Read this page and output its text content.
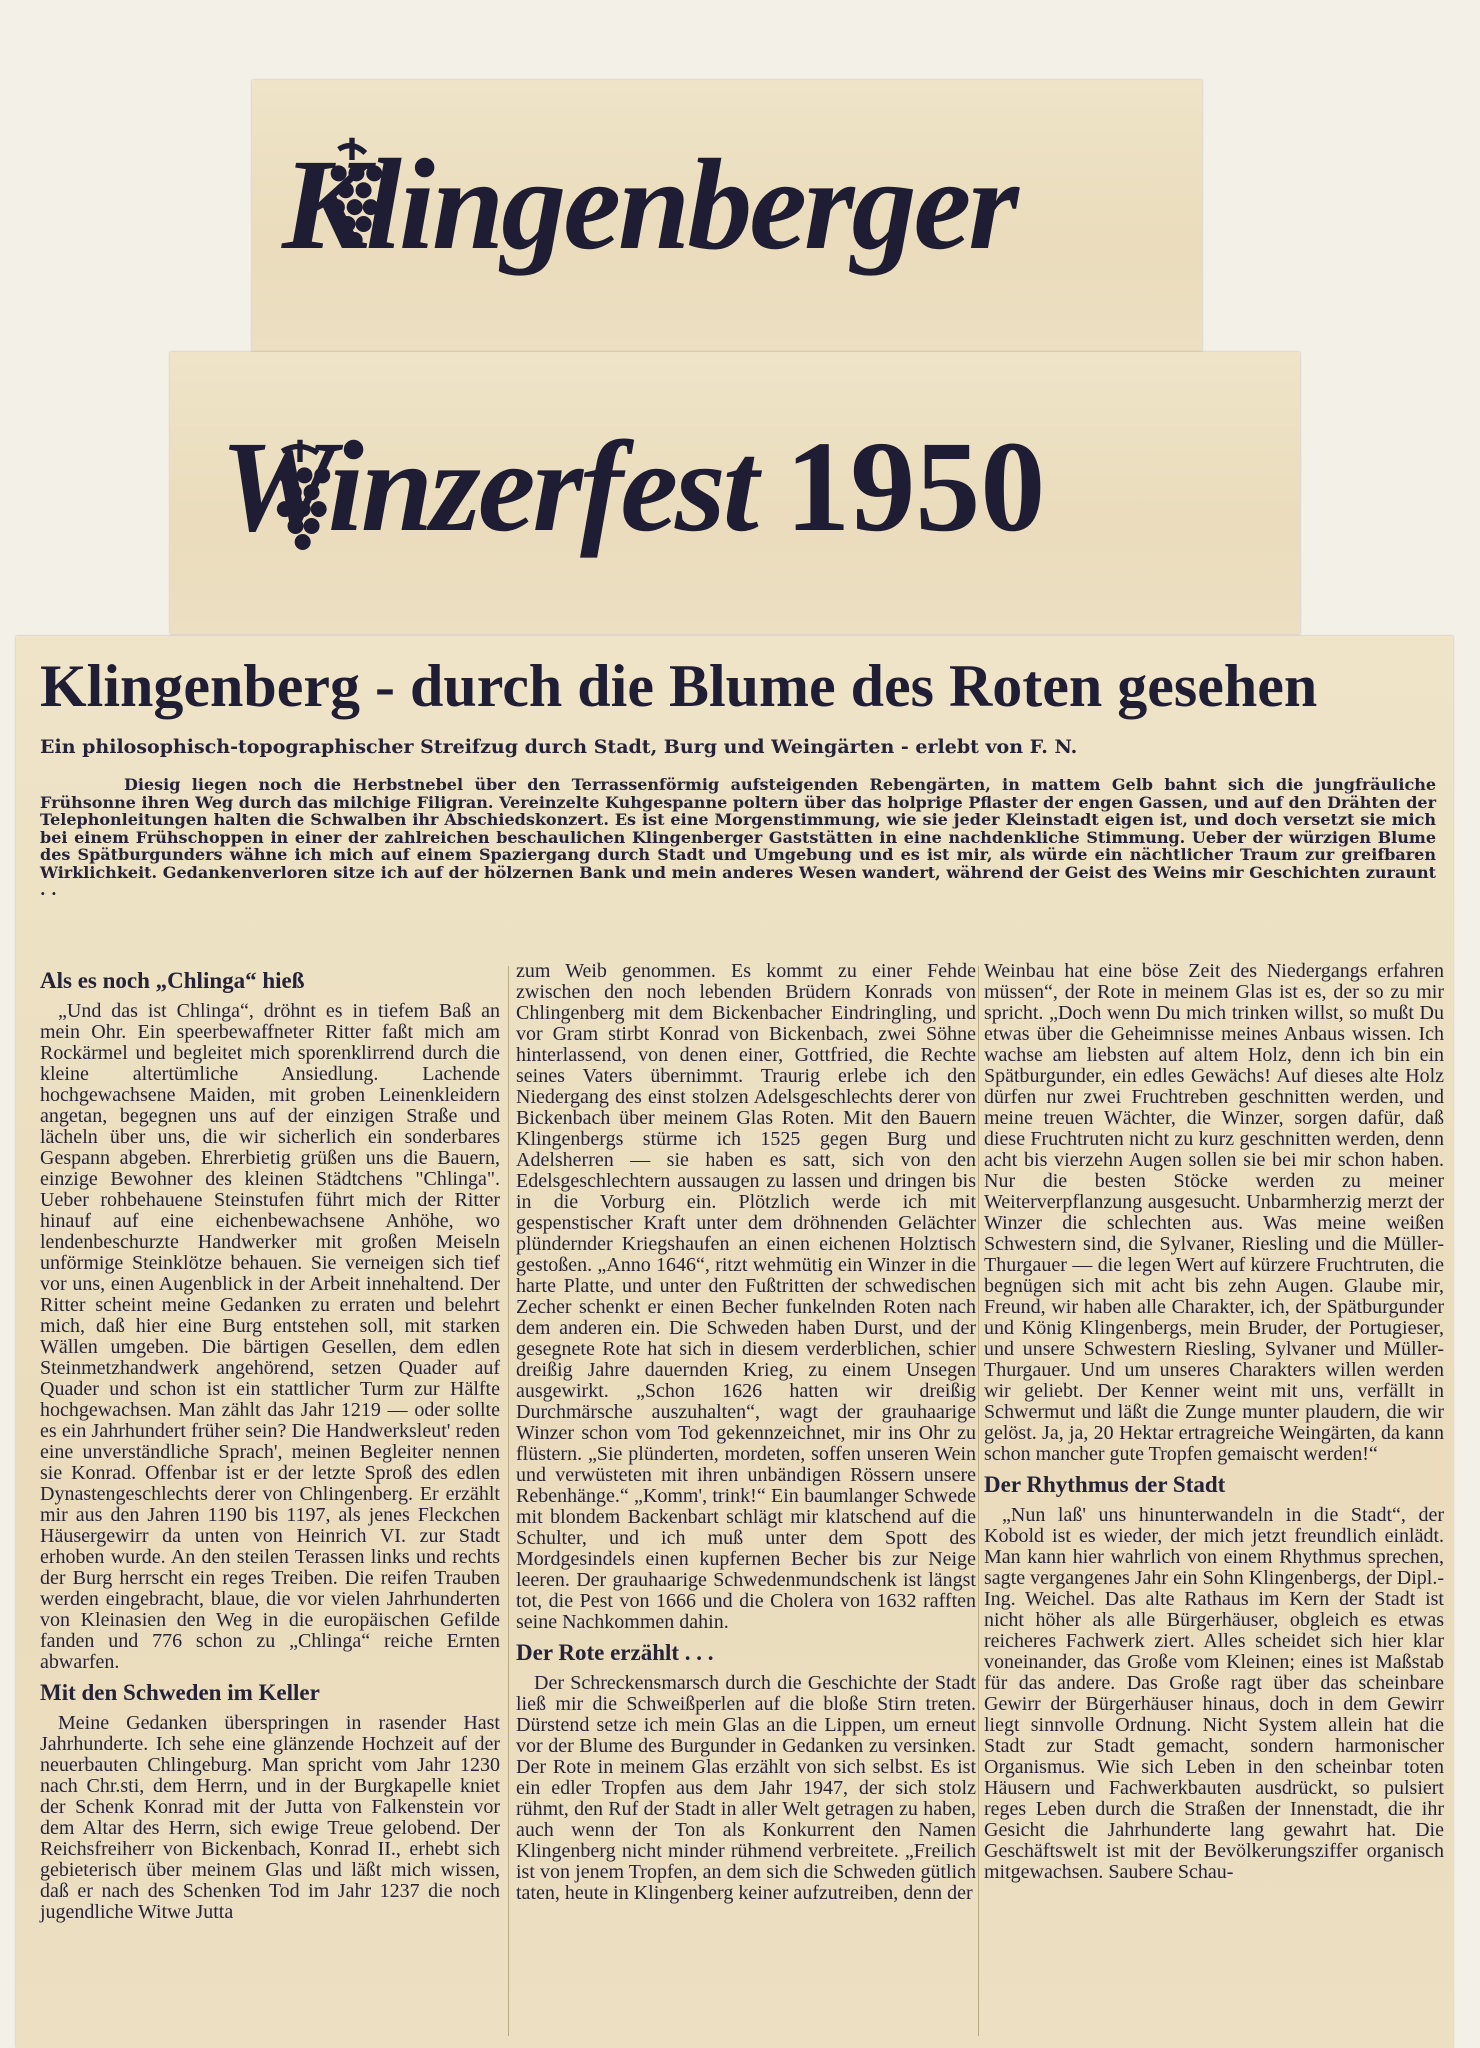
Klingenberger
Winzerfest 1950
Klingenberg - durch die Blume des Roten gesehen
Ein philosophisch-topographischer Streifzug durch Stadt, Burg und Weingärten - erlebt von F. N.

Diesig liegen noch die Herbstnebel über den Terrassenförmig aufsteigenden Rebengärten, in mattem Gelb bahnt sich die jungfräuliche Frühsonne ihren Weg durch das milchige Filigran. Vereinzelte Kuhgespanne poltern über das holprige Pflaster der engen Gassen, und auf den Drähten der Telephonleitungen halten die Schwalben ihr Abschiedskonzert. Es ist eine Morgenstimmung, wie sie jeder Kleinstadt eigen ist, und doch versetzt sie mich bei einem Frühschoppen in einer der zahlreichen beschaulichen Klingenberger Gaststätten in eine nachdenkliche Stimmung. Ueber der würzigen Blume des Spätburgunders wähne ich mich auf einem Spaziergang durch Stadt und Umgebung und es ist mir, als würde ein nächtlicher Traum zur greifbaren Wirklichkeit. Gedankenverloren sitze ich auf der hölzernen Bank und mein anderes Wesen wandert, während der Geist des Weins mir Geschichten zuraunt . .

Als es noch „Chlinga“ hieß

„Und das ist Chlinga“, dröhnt es in tiefem Baß an mein Ohr. Ein speerbewaffneter Ritter faßt mich am Rockärmel und begleitet mich sporenklirrend durch die kleine altertümliche Ansiedlung. Lachende hochgewachsene Maiden, mit groben Leinenkleidern angetan, begegnen uns auf der einzigen Straße und lächeln über uns, die wir sicherlich ein sonderbares Gespann abgeben. Ehrerbietig grüßen uns die Bauern, einzige Bewohner des kleinen Städtchens "Chlinga". Ueber rohbehauene Steinstufen führt mich der Ritter hinauf auf eine eichenbewachsene Anhöhe, wo lendenbeschurzte Handwerker mit großen Meiseln unförmige Steinklötze behauen. Sie verneigen sich tief vor uns, einen Augenblick in der Arbeit innehaltend. Der Ritter scheint meine Gedanken zu erraten und belehrt mich, daß hier eine Burg entstehen soll, mit starken Wällen umgeben. Die bärtigen Gesellen, dem edlen Steinmetzhandwerk angehörend, setzen Quader auf Quader und schon ist ein stattlicher Turm zur Hälfte hochgewachsen. Man zählt das Jahr 1219 — oder sollte es ein Jahrhundert früher sein? Die Handwerksleut' reden eine unverständliche Sprach', meinen Begleiter nennen sie Konrad. Offenbar ist er der letzte Sproß des edlen Dynastengeschlechts derer von Chlingenberg. Er erzählt mir aus den Jahren 1190 bis 1197, als jenes Fleckchen Häusergewirr da unten von Heinrich VI. zur Stadt erhoben wurde. An den steilen Terassen links und rechts der Burg herrscht ein reges Treiben. Die reifen Trauben werden eingebracht, blaue, die vor vielen Jahrhunderten von Kleinasien den Weg in die europäischen Gefilde fanden und 776 schon zu „Chlinga“ reiche Ernten abwarfen.

Mit den Schweden im Keller

Meine Gedanken überspringen in rasender Hast Jahrhunderte. Ich sehe eine glänzende Hochzeit auf der neuerbauten Chlingeburg. Man spricht vom Jahr 1230 nach Chr.sti, dem Herrn, und in der Burgkapelle kniet der Schenk Konrad mit der Jutta von Falkenstein vor dem Altar des Herrn, sich ewige Treue gelobend. Der Reichsfreiherr von Bickenbach, Konrad II., erhebt sich gebieterisch über meinem Glas und läßt mich wissen, daß er nach des Schenken Tod im Jahr 1237 die noch jugendliche Witwe Jutta

zum Weib genommen. Es kommt zu einer Fehde zwischen den noch lebenden Brüdern Konrads von Chlingenberg mit dem Bickenbacher Eindringling, und vor Gram stirbt Konrad von Bickenbach, zwei Söhne hinterlassend, von denen einer, Gottfried, die Rechte seines Vaters übernimmt. Traurig erlebe ich den Niedergang des einst stolzen Adelsgeschlechts derer von Bickenbach über meinem Glas Roten. Mit den Bauern Klingenbergs stürme ich 1525 gegen Burg und Adelsherren — sie haben es satt, sich von den Edelsgeschlechtern aussaugen zu lassen und dringen bis in die Vorburg ein. Plötzlich werde ich mit gespenstischer Kraft unter dem dröhnenden Gelächter plündernder Kriegshaufen an einen eichenen Holztisch gestoßen. „Anno 1646“, ritzt wehmütig ein Winzer in die harte Platte, und unter den Fußtritten der schwedischen Zecher schenkt er einen Becher funkelnden Roten nach dem anderen ein. Die Schweden haben Durst, und der gesegnete Rote hat sich in diesem verderblichen, schier dreißig Jahre dauernden Krieg, zu einem Unsegen ausgewirkt. „Schon 1626 hatten wir dreißig Durchmärsche auszuhalten“, wagt der grauhaarige Winzer schon vom Tod gekennzeichnet, mir ins Ohr zu flüstern. „Sie plünderten, mordeten, soffen unseren Wein und verwüsteten mit ihren unbändigen Rössern unsere Rebenhänge.“ „Komm', trink!“ Ein baumlanger Schwede mit blondem Backenbart schlägt mir klatschend auf die Schulter, und ich muß unter dem Spott des Mordgesindels einen kupfernen Becher bis zur Neige leeren. Der grauhaarige Schwedenmundschenk ist längst tot, die Pest von 1666 und die Cholera von 1632 rafften seine Nachkommen dahin.

Der Rote erzählt . . .

Der Schreckensmarsch durch die Geschichte der Stadt ließ mir die Schweißperlen auf die bloße Stirn treten. Dürstend setze ich mein Glas an die Lippen, um erneut vor der Blume des Burgunder in Gedanken zu versinken. Der Rote in meinem Glas erzählt von sich selbst. Es ist ein edler Tropfen aus dem Jahr 1947, der sich stolz rühmt, den Ruf der Stadt in aller Welt getragen zu haben, auch wenn der Ton als Konkurrent den Namen Klingenberg nicht minder rühmend verbreitete. „Freilich ist von jenem Tropfen, an dem sich die Schweden gütlich taten, heute in Klingenberg keiner aufzutreiben, denn der

Weinbau hat eine böse Zeit des Niedergangs erfahren müssen“, der Rote in meinem Glas ist es, der so zu mir spricht. „Doch wenn Du mich trinken willst, so mußt Du etwas über die Geheimnisse meines Anbaus wissen. Ich wachse am liebsten auf altem Holz, denn ich bin ein Spätburgunder, ein edles Gewächs! Auf dieses alte Holz dürfen nur zwei Fruchtreben geschnitten werden, und meine treuen Wächter, die Winzer, sorgen dafür, daß diese Fruchtruten nicht zu kurz geschnitten werden, denn acht bis vierzehn Augen sollen sie bei mir schon haben. Nur die besten Stöcke werden zu meiner Weiterverpflanzung ausgesucht. Unbarmherzig merzt der Winzer die schlechten aus. Was meine weißen Schwestern sind, die Sylvaner, Riesling und die Müller-Thurgauer — die legen Wert auf kürzere Fruchtruten, die begnügen sich mit acht bis zehn Augen. Glaube mir, Freund, wir haben alle Charakter, ich, der Spätburgunder und König Klingenbergs, mein Bruder, der Portugieser, und unsere Schwestern Riesling, Sylvaner und Müller-Thurgauer. Und um unseres Charakters willen werden wir geliebt. Der Kenner weint mit uns, verfällt in Schwermut und läßt die Zunge munter plaudern, die wir gelöst. Ja, ja, 20 Hektar ertragreiche Weingärten, da kann schon mancher gute Tropfen gemaischt werden!“

Der Rhythmus der Stadt

„Nun laß' uns hinunterwandeln in die Stadt“, der Kobold ist es wieder, der mich jetzt freundlich einlädt. Man kann hier wahrlich von einem Rhythmus sprechen, sagte vergangenes Jahr ein Sohn Klingenbergs, der Dipl.-Ing. Weichel. Das alte Rathaus im Kern der Stadt ist nicht höher als alle Bürgerhäuser, obgleich es etwas reicheres Fachwerk ziert. Alles scheidet sich hier klar voneinander, das Große vom Kleinen; eines ist Maßstab für das andere. Das Große ragt über das scheinbare Gewirr der Bürgerhäuser hinaus, doch in dem Gewirr liegt sinnvolle Ordnung. Nicht System allein hat die Stadt zur Stadt gemacht, sondern harmonischer Organismus. Wie sich Leben in den scheinbar toten Häusern und Fachwerkbauten ausdrückt, so pulsiert reges Leben durch die Straßen der Innenstadt, die ihr Gesicht die Jahrhunderte lang gewahrt hat. Die Geschäftswelt ist mit der Bevölkerungsziffer organisch mitgewachsen. Saubere Schau-
